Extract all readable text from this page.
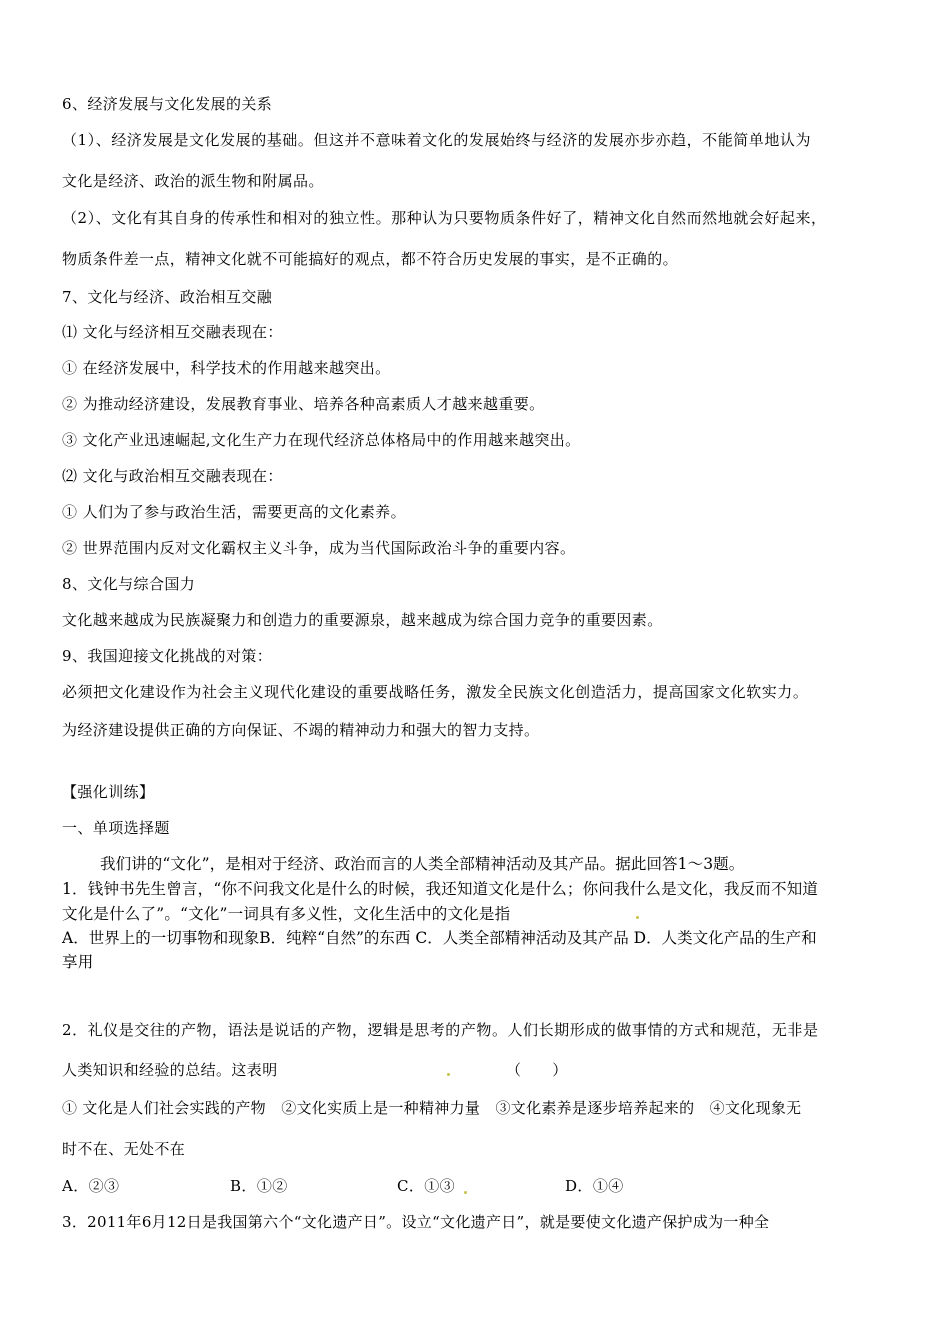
6、经济发展与文化发展的关系
（1）、经济发展是文化发展的基础。但这并不意味着文化的发展始终与经济的发展亦步亦趋，不能简单地认为
文化是经济、政治的派生物和附属品。
（2）、文化有其自身的传承性和相对的独立性。那种认为只要物质条件好了，精神文化自然而然地就会好起来，
物质条件差一点，精神文化就不可能搞好的观点，都不符合历史发展的事实，是不正确的。
7、文化与经济、政治相互交融
⑴ 文化与经济相互交融表现在：
① 在经济发展中，科学技术的作用越来越突出。
② 为推动经济建设，发展教育事业、培养各种高素质人才越来越重要。
③ 文化产业迅速崛起,文化生产力在现代经济总体格局中的作用越来越突出。
⑵ 文化与政治相互交融表现在：
① 人们为了参与政治生活，需要更高的文化素养。
② 世界范围内反对文化霸权主义斗争，成为当代国际政治斗争的重要内容。
8、文化与综合国力
文化越来越成为民族凝聚力和创造力的重要源泉，越来越成为综合国力竞争的重要因素。
9、我国迎接文化挑战的对策：
必须把文化建设作为社会主义现代化建设的重要战略任务，激发全民族文化创造活力，提高国家文化软实力。
为经济建设提供正确的方向保证、不竭的精神动力和强大的智力支持。
【强化训练】
一、单项选择题
我们讲的“文化”，是相对于经济、政治而言的人类全部精神活动及其产品。据此回答1～3题。
1．钱钟书先生曾言，“你不问我文化是什么的时候，我还知道文化是什么；你问我什么是文化，我反而不知道
文化是什么了”。“文化”一词具有多义性，文化生活中的文化是指
A．世界上的一切事物和现象B．纯粹“自然”的东西 C．人类全部精神活动及其产品 D．人类文化产品的生产和
享用
2．礼仪是交往的产物，语法是说话的产物，逻辑是思考的产物。人们长期形成的做事情的方式和规范，无非是
人类知识和经验的总结。这表明	（　　）
① 文化是人们社会实践的产物　②文化实质上是一种精神力量　③文化素养是逐步培养起来的　④文化现象无
时不在、无处不在
A．②③	B．①②	C．①③	D．①④
3．2011年6月12日是我国第六个“文化遗产日”。设立“文化遗产日”，就是要使文化遗产保护成为一种全
